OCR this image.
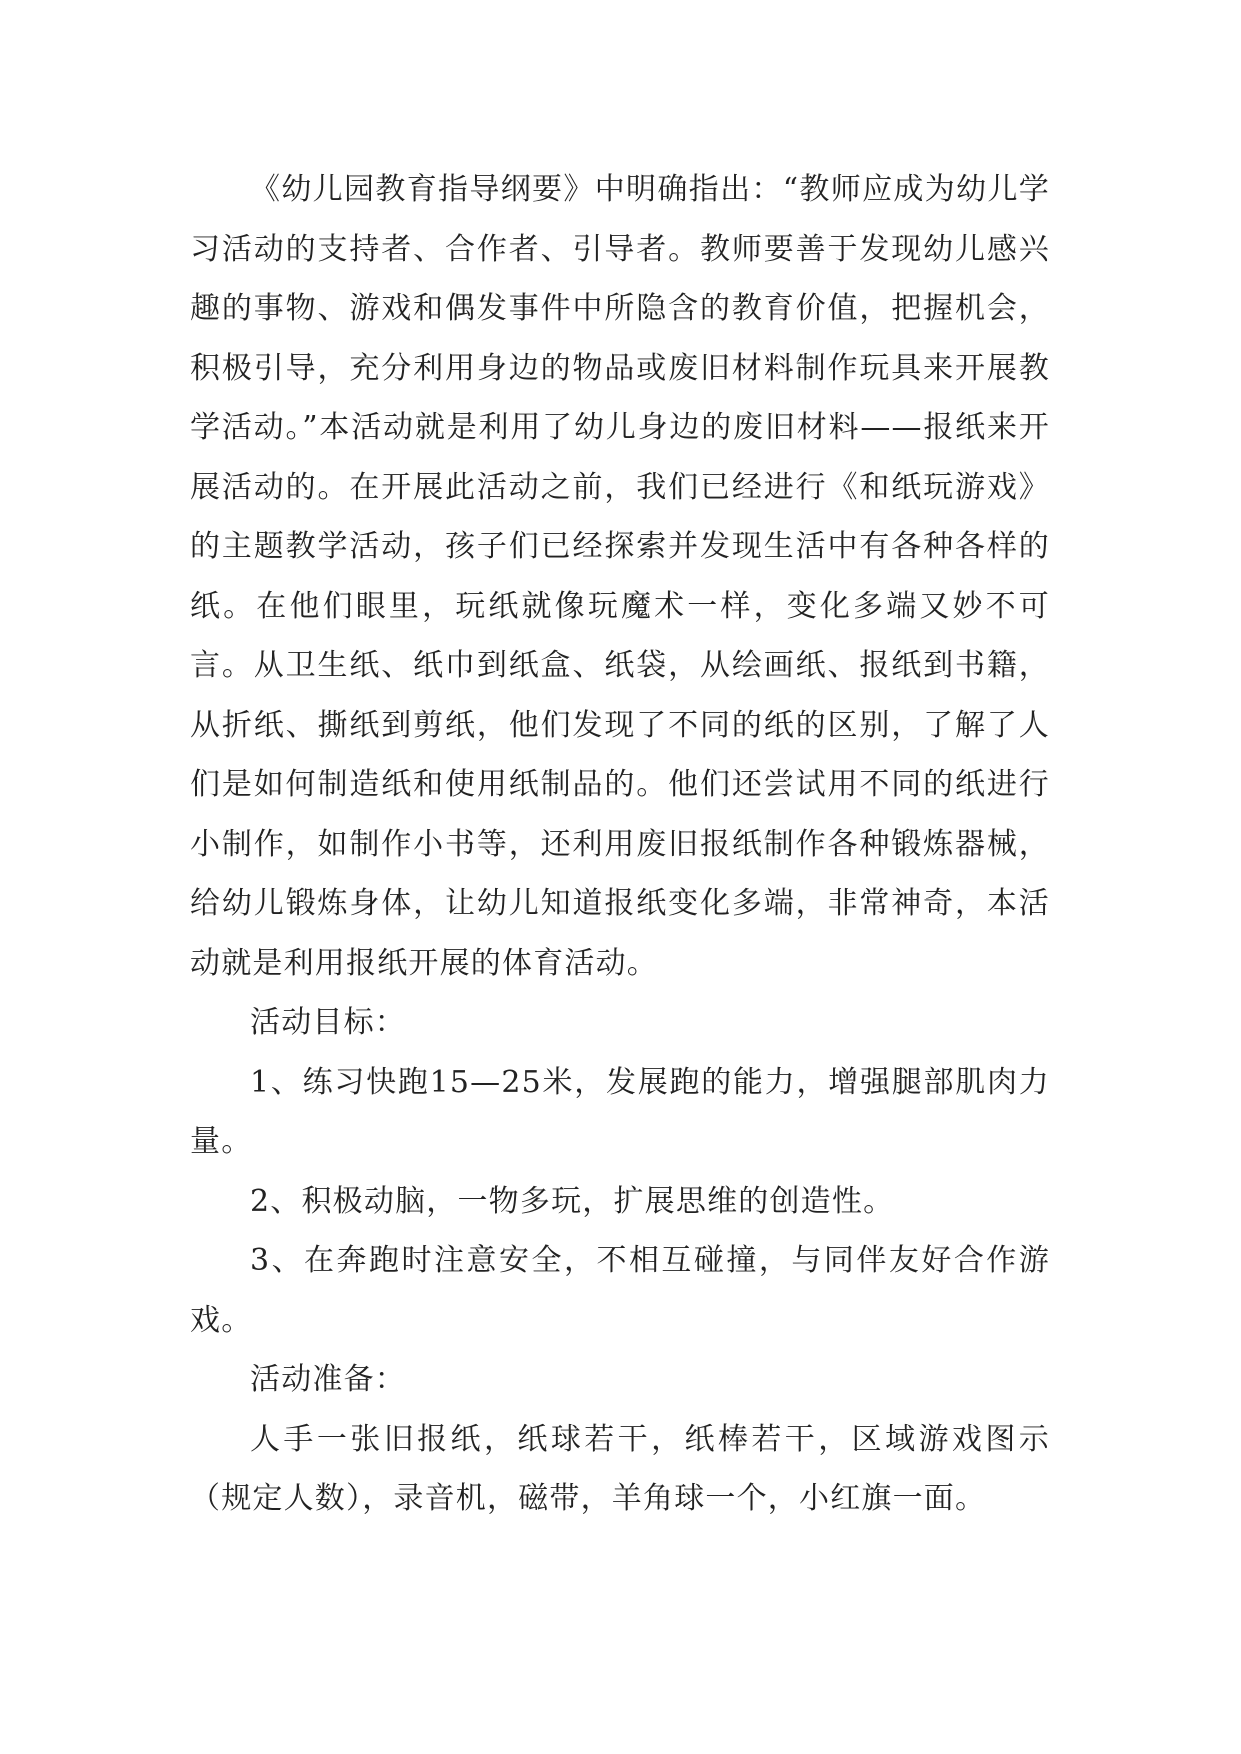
《幼儿园教育指导纲要》中明确指出：“教师应成为幼儿学习活动的支持者、合作者、引导者。教师要善于发现幼儿感兴趣的事物、游戏和偶发事件中所隐含的教育价值，把握机会，积极引导，充分利用身边的物品或废旧材料制作玩具来开展教学活动。”本活动就是利用了幼儿身边的废旧材料——报纸来开展活动的。在开展此活动之前，我们已经进行《和纸玩游戏》的主题教学活动，孩子们已经探索并发现生活中有各种各样的纸。在他们眼里，玩纸就像玩魔术一样，变化多端又妙不可言。从卫生纸、纸巾到纸盒、纸袋，从绘画纸、报纸到书籍，从折纸、撕纸到剪纸，他们发现了不同的纸的区别，了解了人们是如何制造纸和使用纸制品的。他们还尝试用不同的纸进行小制作，如制作小书等，还利用废旧报纸制作各种锻炼器械，给幼儿锻炼身体，让幼儿知道报纸变化多端，非常神奇，本活动就是利用报纸开展的体育活动。

活动目标：

1、练习快跑15—25米，发展跑的能力，增强腿部肌肉力量。

2、积极动脑，一物多玩，扩展思维的创造性。

3、在奔跑时注意安全，不相互碰撞，与同伴友好合作游戏。

活动准备：

人手一张旧报纸，纸球若干，纸棒若干，区域游戏图示（规定人数），录音机，磁带，羊角球一个，小红旗一面。
